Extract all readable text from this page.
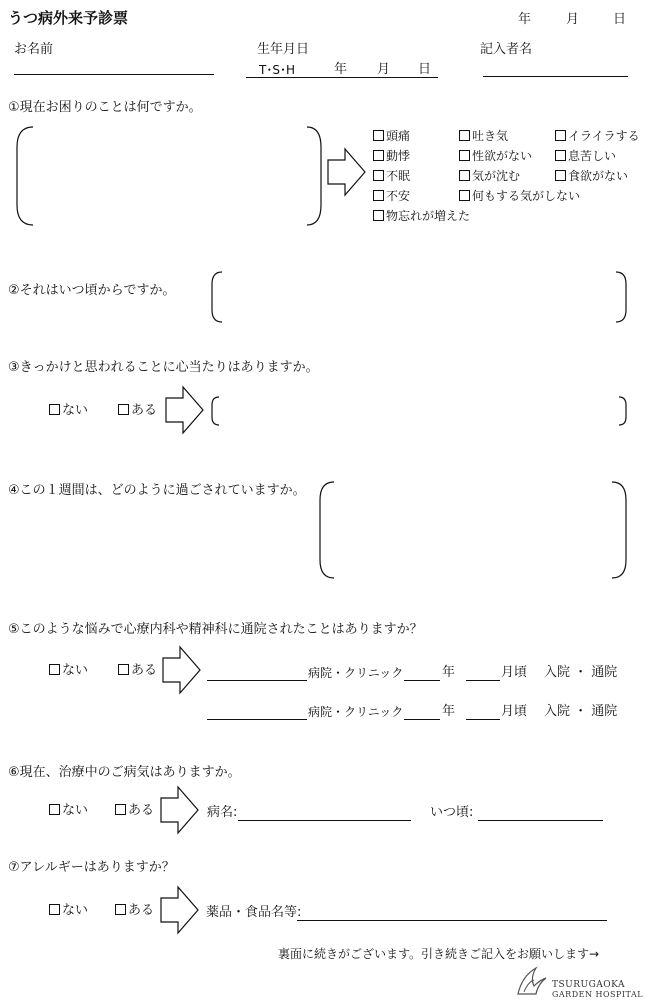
うつ病外来予診票	年	月	日
お名前	生年月日
T･S･H	年 月 日
記入者名
①現在お困りのことは何ですか。
頭痛	吐き気	イライラする
動悸	性欲がない	息苦しい
不眠	気が沈む	食欲がない
不安	何もする気がしない
物忘れが増えた
②それはいつ頃からですか。
③きっかけと思われることに心当たりはありますか。
ない	ある
④この１週間は、どのように過ごされていますか。
⑤このような悩みで心療内科や精神科に通院されたことはありますか？
ない	ある	病院・クリニック	年	月頃 入院 ・ 通院
病院・クリニック	年	月頃 入院 ・ 通院
⑥現在、治療中のご病気はありますか。
ない	ある	病名:	いつ頃:
⑦アレルギーはありますか？
ない	ある	薬品・食品名等:
裏面に続きがございます。引き続きご記入をお願いします→
TSURUGAOKA
GARDEN HOSPITAL
